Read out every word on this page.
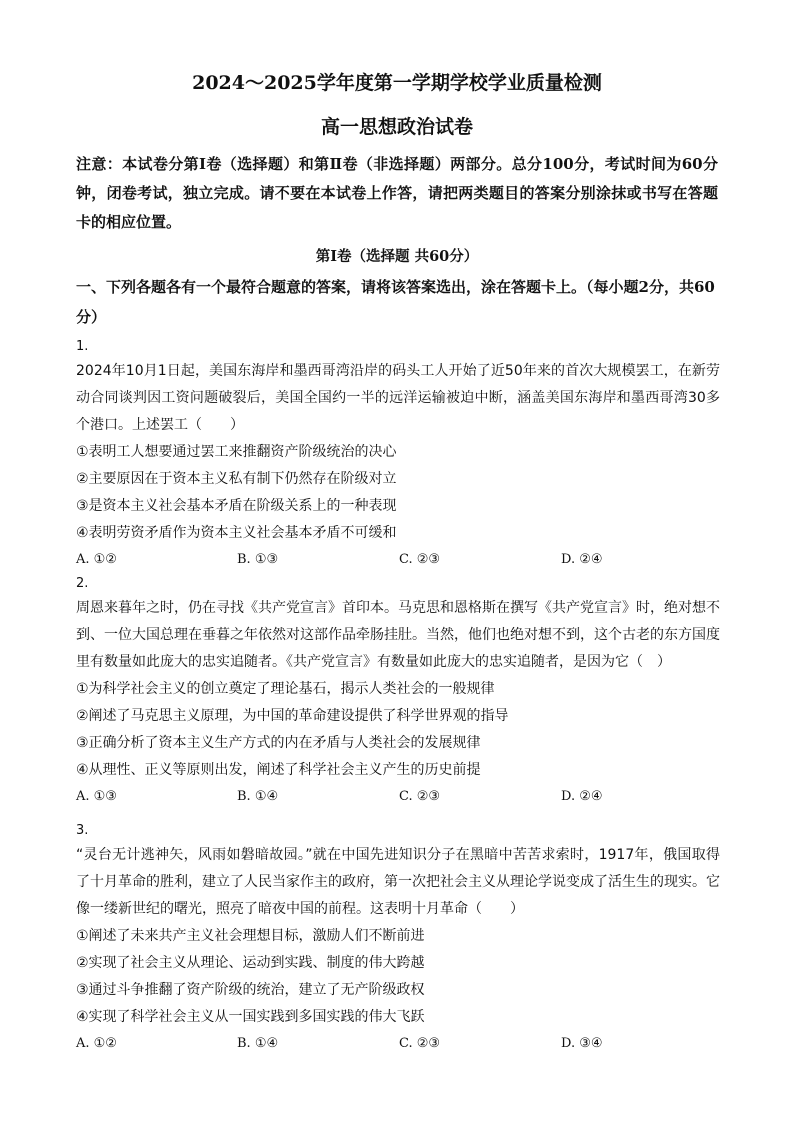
2024～2025学年度第一学期学校学业质量检测
高一思想政治试卷
注意：本试卷分第Ⅰ卷（选择题）和第Ⅱ卷（非选择题）两部分。总分100分，考试时间为60分钟，闭卷考试，独立完成。请不要在本试卷上作答，请把两类题目的答案分别涂抹或书写在答题卡的相应位置。
第Ⅰ卷（选择题 共60分）
一、下列各题各有一个最符合题意的答案，请将该答案选出，涂在答题卡上。（每小题2分，共60分）
1.
2024年10月1日起，美国东海岸和墨西哥湾沿岸的码头工人开始了近50年来的首次大规模罢工，在新劳动合同谈判因工资问题破裂后，美国全国约一半的远洋运输被迫中断，涵盖美国东海岸和墨西哥湾30多个港口。上述罢工（　　）
①表明工人想要通过罢工来推翻资产阶级统治的决心
②主要原因在于资本主义私有制下仍然存在阶级对立
③是资本主义社会基本矛盾在阶级关系上的一种表现
④表明劳资矛盾作为资本主义社会基本矛盾不可缓和
A. ①②	B. ①③	C. ②③	D. ②④
2.
周恩来暮年之时，仍在寻找《共产党宣言》首印本。马克思和恩格斯在撰写《共产党宣言》时，绝对想不到、一位大国总理在垂暮之年依然对这部作品牵肠挂肚。当然，他们也绝对想不到，这个古老的东方国度里有数量如此庞大的忠实追随者。《共产党宣言》有数量如此庞大的忠实追随者，是因为它（　）
①为科学社会主义的创立奠定了理论基石，揭示人类社会的一般规律
②阐述了马克思主义原理，为中国的革命建设提供了科学世界观的指导
③正确分析了资本主义生产方式的内在矛盾与人类社会的发展规律
④从理性、正义等原则出发，阐述了科学社会主义产生的历史前提
A. ①③	B. ①④	C. ②③	D. ②④
3.
“灵台无计逃神矢，风雨如磐暗故园。”就在中国先进知识分子在黑暗中苦苦求索时，1917年，俄国取得了十月革命的胜利，建立了人民当家作主的政府，第一次把社会主义从理论学说变成了活生生的现实。它像一缕新世纪的曙光，照亮了暗夜中国的前程。这表明十月革命（　　）
①阐述了未来共产主义社会理想目标，激励人们不断前进
②实现了社会主义从理论、运动到实践、制度的伟大跨越
③通过斗争推翻了资产阶级的统治，建立了无产阶级政权
④实现了科学社会主义从一国实践到多国实践的伟大飞跃
A. ①②	B. ①④	C. ②③	D. ③④
